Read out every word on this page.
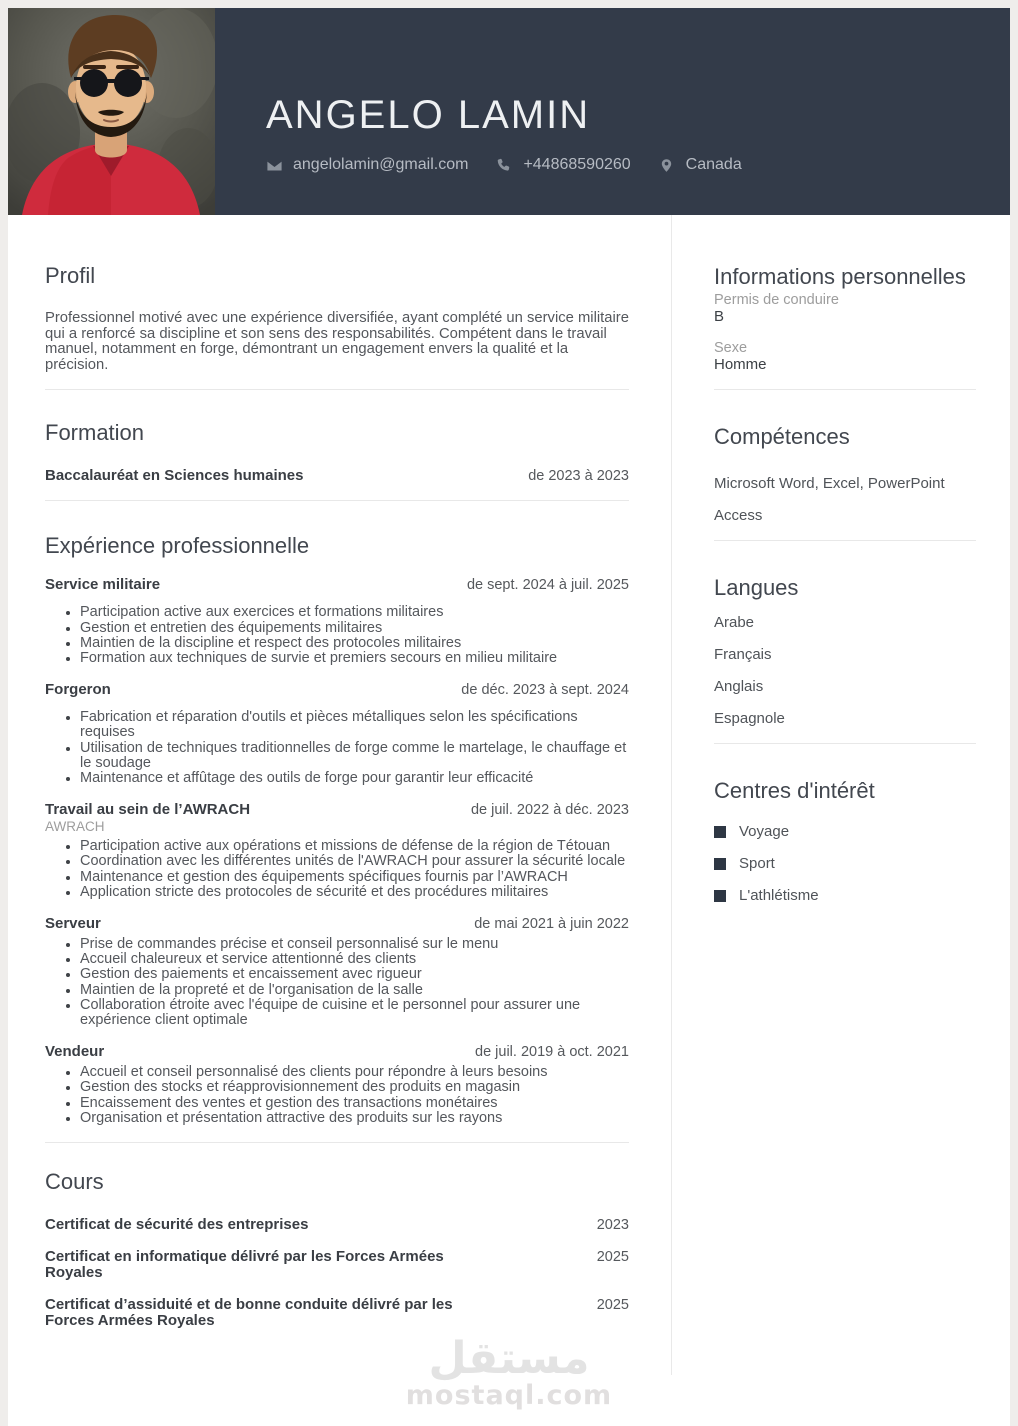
ANGELO LAMIN
angelolamin@gmail.com	+44868590260	Canada
Profil

Professionnel motivé avec une expérience diversifiée, ayant complété un service militaire qui a renforcé sa discipline et son sens des responsabilités. Compétent dans le travail manuel, notamment en forge, démontrant un engagement envers la qualité et la précision.

Formation
Baccalauréat en Sciences humaines	de 2023 à 2023
Expérience professionnelle
Service militaire	de sept. 2024 à juil. 2025
• Participation active aux exercices et formations militaires
• Gestion et entretien des équipements militaires
• Maintien de la discipline et respect des protocoles militaires
• Formation aux techniques de survie et premiers secours en milieu militaire
Forgeron	de déc. 2023 à sept. 2024
• Fabrication et réparation d'outils et pièces métalliques selon les spécifications requises
• Utilisation de techniques traditionnelles de forge comme le martelage, le chauffage et le soudage
• Maintenance et affûtage des outils de forge pour garantir leur efficacité
Travail au sein de l’AWRACH	de juil. 2022 à déc. 2023
AWRACH
• Participation active aux opérations et missions de défense de la région de Tétouan
• Coordination avec les différentes unités de l'AWRACH pour assurer la sécurité locale
• Maintenance et gestion des équipements spécifiques fournis par l’AWRACH
• Application stricte des protocoles de sécurité et des procédures militaires
Serveur	de mai 2021 à juin 2022
• Prise de commandes précise et conseil personnalisé sur le menu
• Accueil chaleureux et service attentionné des clients
• Gestion des paiements et encaissement avec rigueur
• Maintien de la propreté et de l'organisation de la salle
• Collaboration étroite avec l'équipe de cuisine et le personnel pour assurer une expérience client optimale
Vendeur	de juil. 2019 à oct. 2021
• Accueil et conseil personnalisé des clients pour répondre à leurs besoins
• Gestion des stocks et réapprovisionnement des produits en magasin
• Encaissement des ventes et gestion des transactions monétaires
• Organisation et présentation attractive des produits sur les rayons
Cours
Certificat de sécurité des entreprises	2023
Certificat en informatique délivré par les Forces Armées Royales
2025
Certificat d’assiduité et de bonne conduite délivré par les Forces Armées Royales
2025
Informations personnelles
Permis de conduire
B
Sexe
Homme
Compétences
Microsoft Word, Excel, PowerPoint
Access
Langues
Arabe
Français
Anglais
Espagnole
Centres d'intérêt
Voyage
Sport
L'athlétisme
مستقل
mostaql.com
